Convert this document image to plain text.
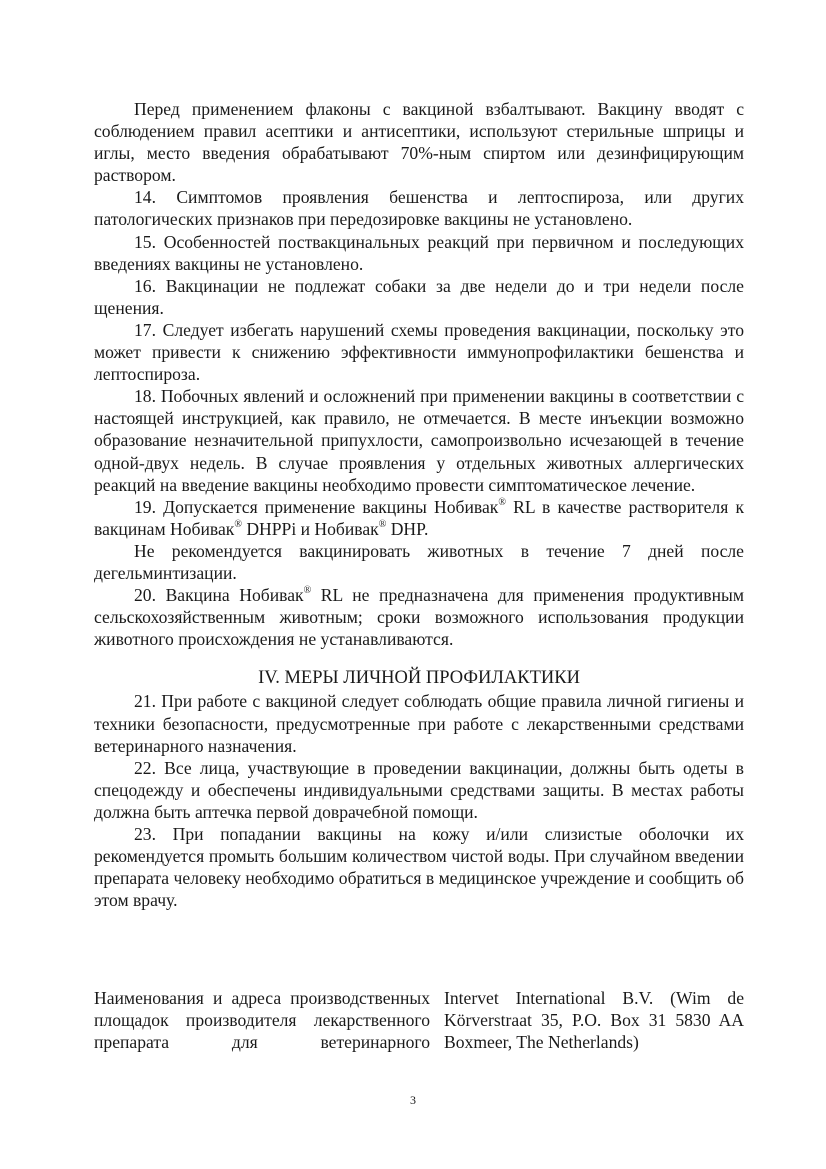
Перед применением флаконы с вакциной взбалтывают. Вакцину вводят с соблюдением правил асептики и антисептики, используют стерильные шприцы и иглы, место введения обрабатывают 70%-ным спиртом или дезинфицирующим раствором.

14. Симптомов проявления бешенства и лептоспироза, или других патологических признаков при передозировке вакцины не установлено.

15. Особенностей поствакцинальных реакций при первичном и последующих введениях вакцины не установлено.

16. Вакцинации не подлежат собаки за две недели до и три недели после щенения.

17. Следует избегать нарушений схемы проведения вакцинации, поскольку это может привести к снижению эффективности иммунопрофилактики бешенства и лептоспироза.

18. Побочных явлений и осложнений при применении вакцины в соответствии с настоящей инструкцией, как правило, не отмечается. В месте инъекции возможно образование незначительной припухлости, самопроизвольно исчезающей в течение одной-двух недель. В случае проявления у отдельных животных аллергических реакций на введение вакцины необходимо провести симптоматическое лечение.

19. Допускается применение вакцины Нобивак® RL в качестве растворителя к вакцинам Нобивак® DHPPi и Нобивак® DHP.

Не рекомендуется вакцинировать животных в течение 7 дней после дегельминтизации.

20. Вакцина Нобивак® RL не предназначена для применения продуктивным сельскохозяйственным животным; сроки возможного использования продукции животного происхождения не устанавливаются.

IV. МЕРЫ ЛИЧНОЙ ПРОФИЛАКТИКИ

21. При работе с вакциной следует соблюдать общие правила личной гигиены и техники безопасности, предусмотренные при работе с лекарственными средствами ветеринарного назначения.

22. Все лица, участвующие в проведении вакцинации, должны быть одеты в спецодежду и обеспечены индивидуальными средствами защиты. В местах работы должна быть аптечка первой доврачебной помощи.

23. При попадании вакцины на кожу и/или слизистые оболочки их рекомендуется промыть большим количеством чистой воды. При случайном введении препарата человеку необходимо обратиться в медицинское учреждение и сообщить об этом врачу.

Наименования и адреса производственных площадок производителя лекарственного препарата для ветеринарного
Intervet International B.V. (Wim de Körverstraat 35, P.O. Box 31 5830 AA Boxmeer, The Netherlands)
3
